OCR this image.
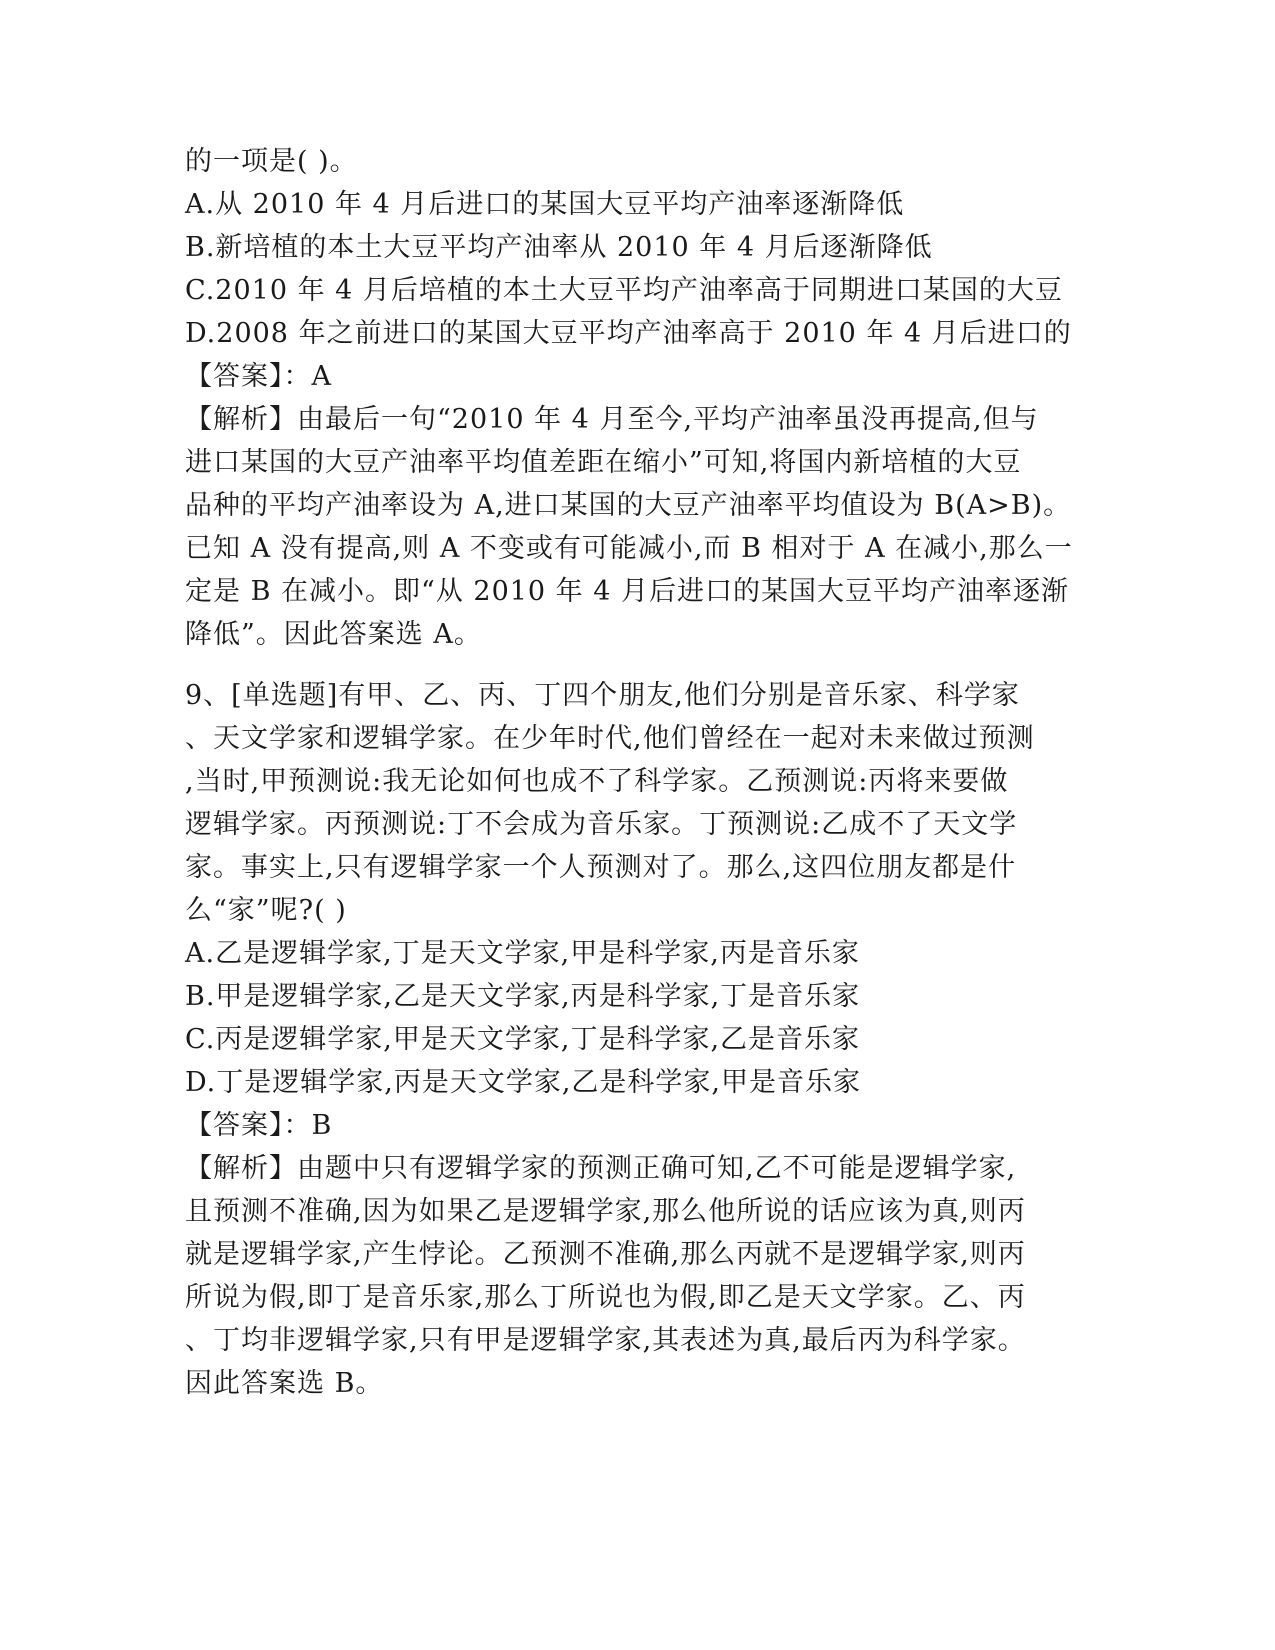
的一项是( )。
A.从 2010 年 4 月后进口的某国大豆平均产油率逐渐降低
B.新培植的本土大豆平均产油率从 2010 年 4 月后逐渐降低
C.2010 年 4 月后培植的本土大豆平均产油率高于同期进口某国的大豆
D.2008 年之前进口的某国大豆平均产油率高于 2010 年 4 月后进口的
【答案】：A
【解析】由最后一句“2010 年 4 月至今,平均产油率虽没再提高,但与
进口某国的大豆产油率平均值差距在缩小”可知,将国内新培植的大豆
品种的平均产油率设为 A,进口某国的大豆产油率平均值设为 B(A>B)。
已知 A 没有提高,则 A 不变或有可能减小,而 B 相对于 A 在减小,那么一
定是 B 在减小。即“从 2010 年 4 月后进口的某国大豆平均产油率逐渐
降低”。因此答案选 A。
9、[单选题]有甲、乙、丙、丁四个朋友,他们分别是音乐家、科学家
、天文学家和逻辑学家。在少年时代,他们曾经在一起对未来做过预测
,当时,甲预测说:我无论如何也成不了科学家。乙预测说:丙将来要做
逻辑学家。丙预测说:丁不会成为音乐家。丁预测说:乙成不了天文学
家。事实上,只有逻辑学家一个人预测对了。那么,这四位朋友都是什
么“家”呢?( )
A.乙是逻辑学家,丁是天文学家,甲是科学家,丙是音乐家
B.甲是逻辑学家,乙是天文学家,丙是科学家,丁是音乐家
C.丙是逻辑学家,甲是天文学家,丁是科学家,乙是音乐家
D.丁是逻辑学家,丙是天文学家,乙是科学家,甲是音乐家
【答案】：B
【解析】由题中只有逻辑学家的预测正确可知,乙不可能是逻辑学家,
且预测不准确,因为如果乙是逻辑学家,那么他所说的话应该为真,则丙
就是逻辑学家,产生悖论。乙预测不准确,那么丙就不是逻辑学家,则丙
所说为假,即丁是音乐家,那么丁所说也为假,即乙是天文学家。乙、丙
、丁均非逻辑学家,只有甲是逻辑学家,其表述为真,最后丙为科学家。
因此答案选 B。
